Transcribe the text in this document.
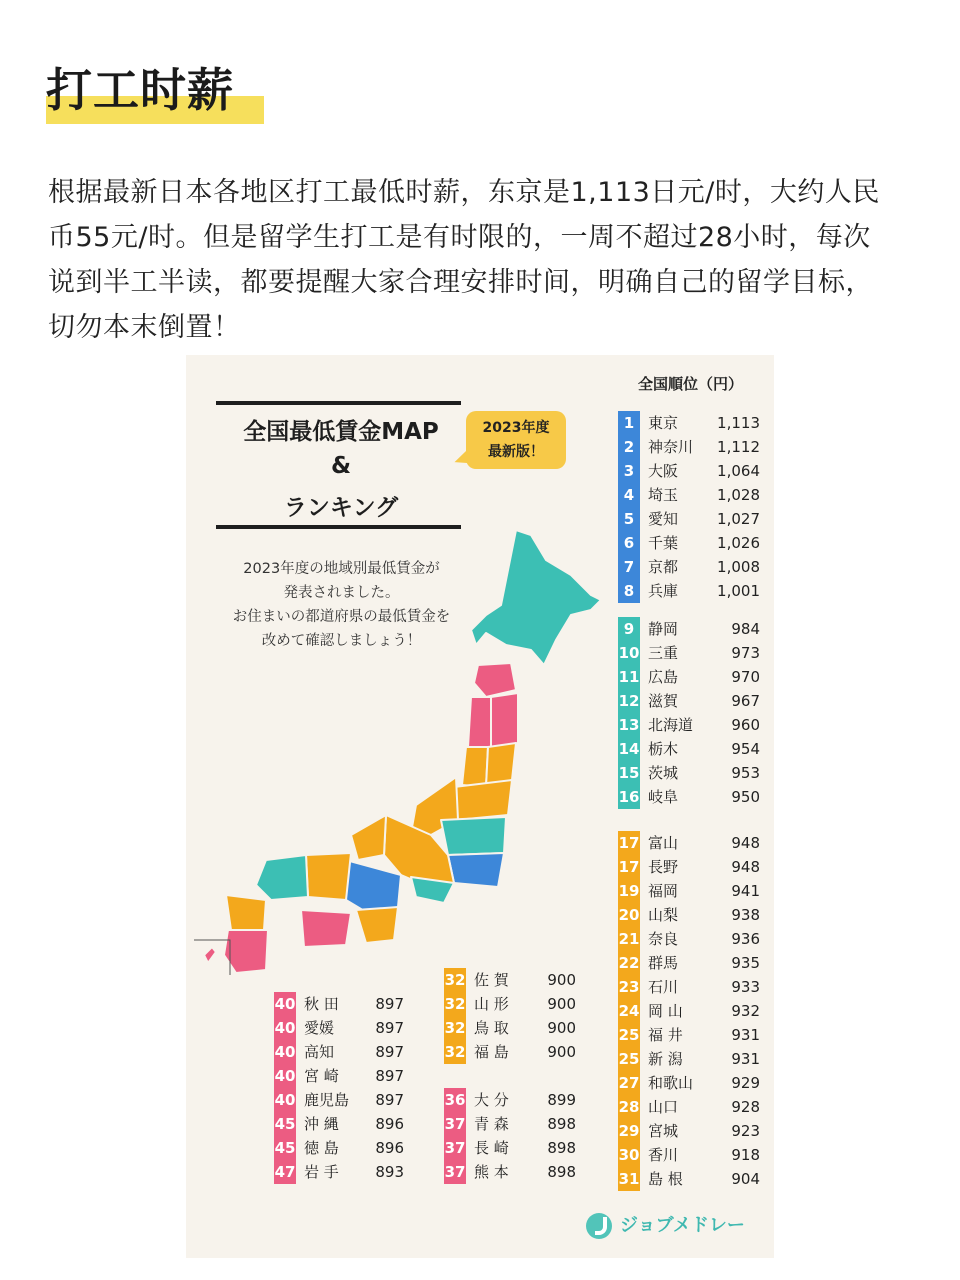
打工时薪
根据最新日本各地区打工最低时薪，东京是1,113日元/时，大约人民币55元/时。但是留学生打工是有时限的，一周不超过28小时，每次说到半工半读，都要提醒大家合理安排时间，明确自己的留学目标，切勿本末倒置！
全国最低賃金MAP
&
ランキング
2023年度
最新版！
2023年度の地域別最低賃金が
発表されました。
お住まいの都道府県の最低賃金を
改めて確認しましょう！
全国順位（円）
1 東京	1,113
2 神奈川 1,112
3 大阪	1,064
4 埼玉	1,028
5 愛知	1,027
6 千葉	1,026
7 京都	1,008
8 兵庫	1,001
9 静岡	984
10 三重	973
11 広島	970
12 滋賀	967
13 北海道	960
14 栃木	954
15 茨城	953
16 岐阜	950
17 富山	948
17 長野	948
19 福岡	941
20 山梨	938
21 奈良	936
22 群馬	935
23 石川	933
24 岡 山	932
25 福 井	931
25 新 潟	931
27 和歌山	929
28 山口	928
29 宮城	923
30 香川	918
31 島 根	904
32 佐 賀	900
32 山 形	900
32 鳥 取	900
32 福 島	900
36 大 分	899
37 青 森	898
37 長 崎	898
37 熊 本	898
40 秋 田 897
40 愛媛	897
40 高知	897
40 宮 崎 897
40 鹿児島 897
45 沖 縄 896
45 徳 島 896
47 岩 手 893
ジョブメドレー
